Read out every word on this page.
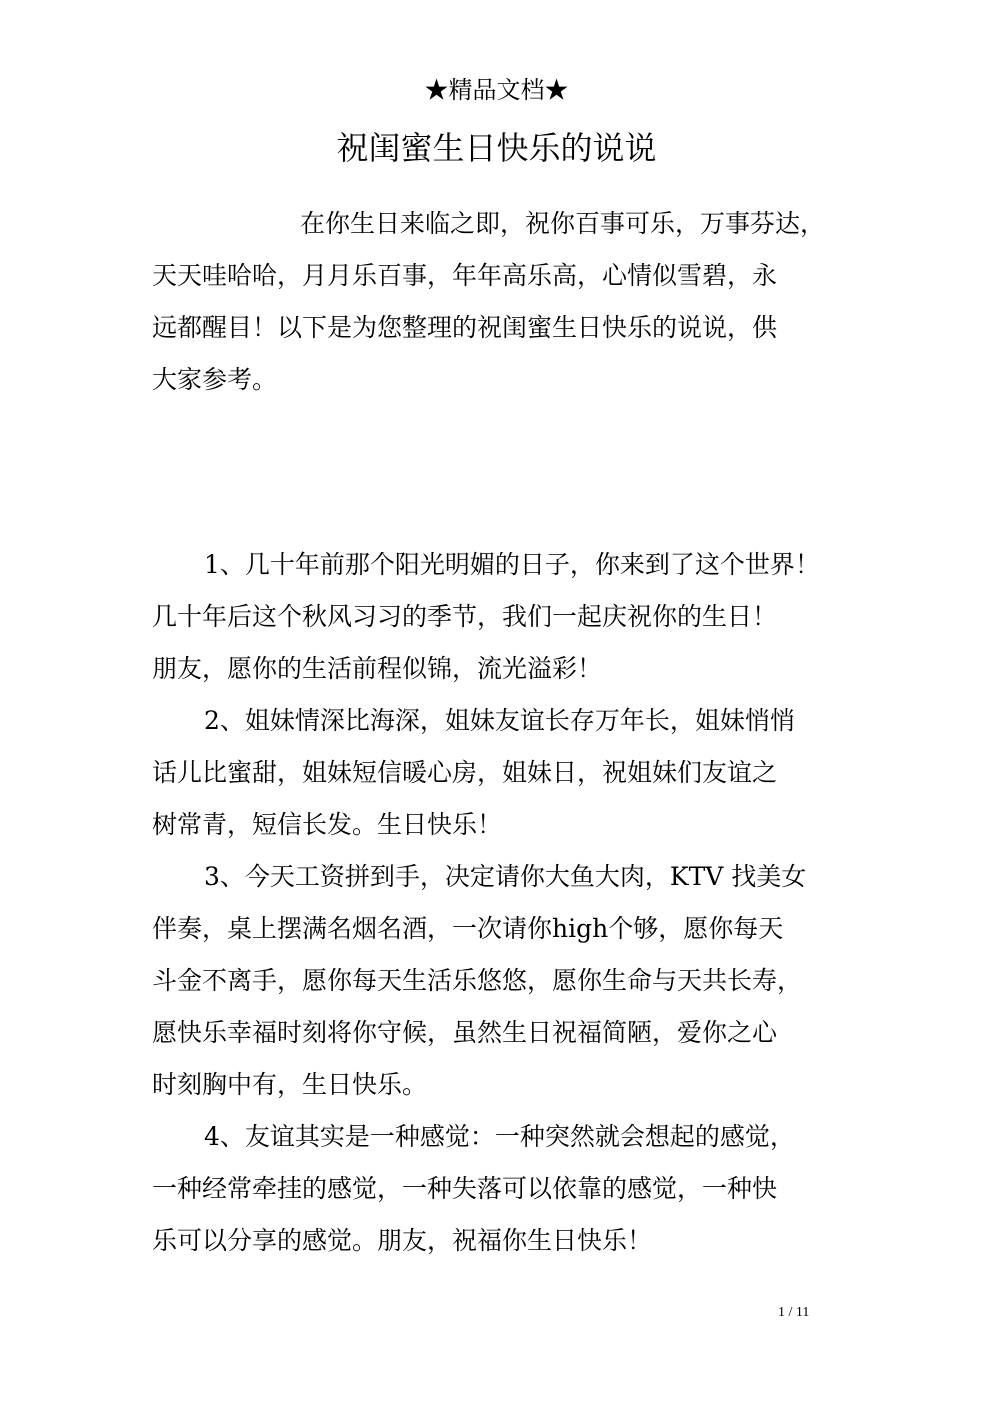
★精品文档★
祝闺蜜生日快乐的说说
在你生日来临之即，祝你百事可乐，万事芬达，
天天哇哈哈，月月乐百事，年年高乐高，心情似雪碧，永
远都醒目！以下是为您整理的祝闺蜜生日快乐的说说，供
大家参考。
1、几十年前那个阳光明媚的日子，你来到了这个世界！
几十年后这个秋风习习的季节，我们一起庆祝你的生日！
朋友，愿你的生活前程似锦，流光溢彩！
2、姐妹情深比海深，姐妹友谊长存万年长，姐妹悄悄
话儿比蜜甜，姐妹短信暖心房，姐妹日，祝姐妹们友谊之
树常青，短信长发。生日快乐！
3、今天工资拼到手，决定请你大鱼大肉，KTV 找美女
伴奏，桌上摆满名烟名酒，一次请你high个够，愿你每天
斗金不离手，愿你每天生活乐悠悠，愿你生命与天共长寿，
愿快乐幸福时刻将你守候，虽然生日祝福简陋，爱你之心
时刻胸中有，生日快乐。
4、友谊其实是一种感觉：一种突然就会想起的感觉，
一种经常牵挂的感觉，一种失落可以依靠的感觉，一种快
乐可以分享的感觉。朋友，祝福你生日快乐！
1 / 11
